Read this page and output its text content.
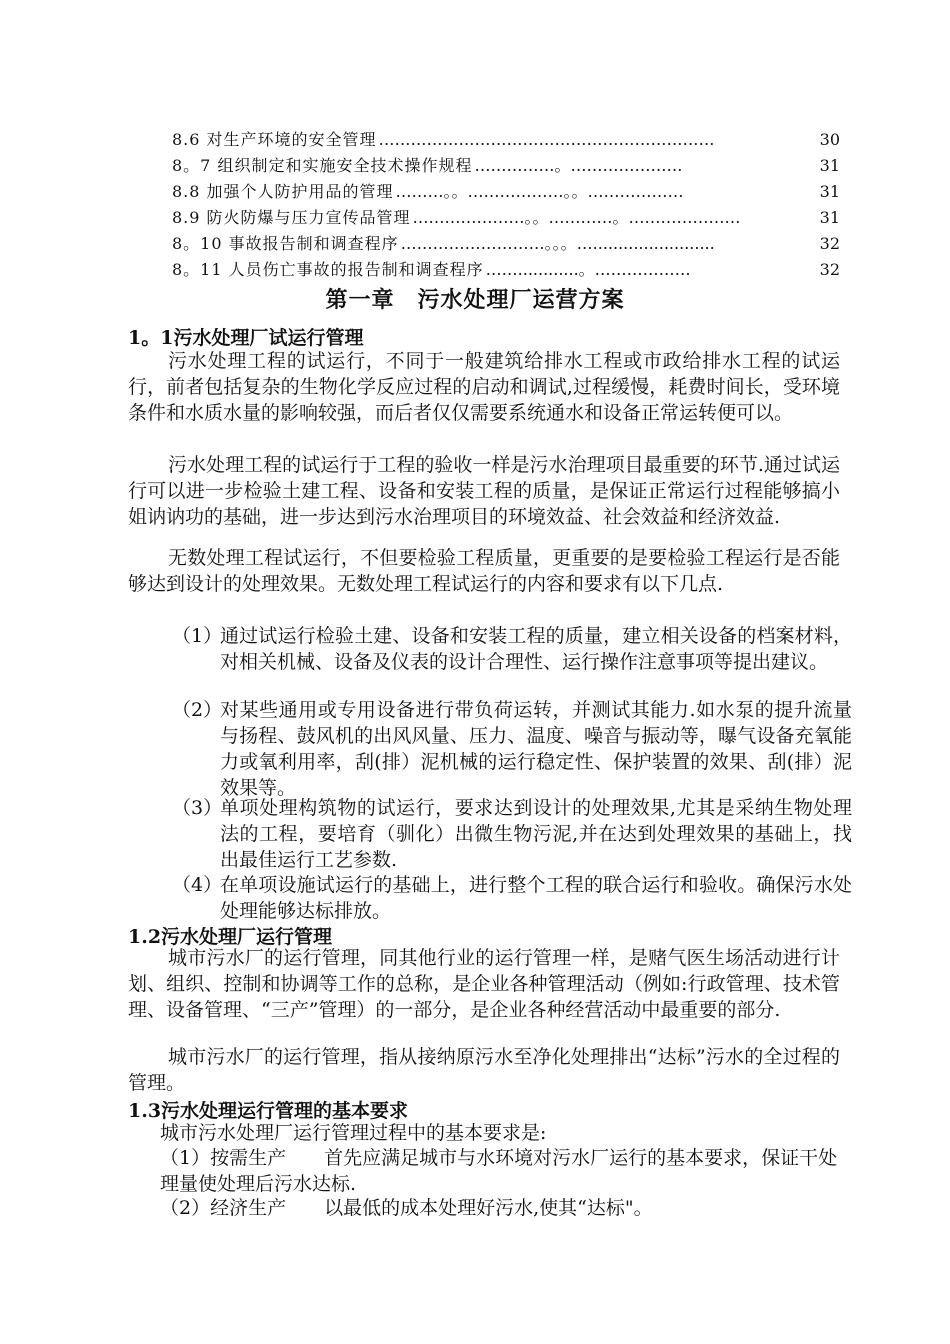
8.6 对生产环境的安全管理 ………………………………………………………	30
8。7 组织制定和实施安全技术操作规程 ……………。…………………	31
8.8 加强个人防护用品的管理 ………。。………………。。………………	31
8.9 防火防爆与压力宣传品管理 …………………。。…………。…………………	31
8。10 事故报告制和调查程序 ………………………。。。…........................	32
8。11 人员伤亡事故的报告制和调查程序 ……............。………………	32
第一章　污水处理厂运营方案
1。1污水处理厂试运行管理
污水处理工程的试运行，不同于一般建筑给排水工程或市政给排水工程的试运行，前者包括复杂的生物化学反应过程的启动和调试,过程缓慢，耗费时间长，受环境条件和水质水量的影响较强，而后者仅仅需要系统通水和设备正常运转便可以。
污水处理工程的试运行于工程的验收一样是污水治理项目最重要的环节.通过试运行可以进一步检验土建工程、设备和安装工程的质量，是保证正常运行过程能够搞小姐讷讷功的基础，进一步达到污水治理项目的环境效益、社会效益和经济效益.
无数处理工程试运行，不但要检验工程质量，更重要的是要检验工程运行是否能够达到设计的处理效果。无数处理工程试运行的内容和要求有以下几点.
（1）
通过试运行检验土建、设备和安装工程的质量，建立相关设备的档案材料，对相关机械、设备及仪表的设计合理性、运行操作注意事项等提出建议。
（2）
对某些通用或专用设备进行带负荷运转，并测试其能力.如水泵的提升流量与扬程、鼓风机的出风风量、压力、温度、噪音与振动等，曝气设备充氧能力或氧利用率，刮(排）泥机械的运行稳定性、保护装置的效果、刮(排）泥效果等。
（3）
单项处理构筑物的试运行，要求达到设计的处理效果,尤其是采纳生物处理法的工程，要培育（驯化）出微生物污泥,并在达到处理效果的基础上，找出最佳运行工艺参数.
（4）
在单项设施试运行的基础上，进行整个工程的联合运行和验收。确保污水处处理能够达标排放。
1.2污水处理厂运行管理
城市污水厂的运行管理，同其他行业的运行管理一样，是赌气医生场活动进行计划、组织、控制和协调等工作的总称，是企业各种管理活动（例如:行政管理、技术管理、设备管理、“三产”管理）的一部分，是企业各种经营活动中最重要的部分.
城市污水厂的运行管理，指从接纳原污水至净化处理排出“达标”污水的全过程的管理。
1.3污水处理运行管理的基本要求
城市污水处理厂运行管理过程中的基本要求是:
（1）按需生产　　首先应满足城市与水环境对污水厂运行的基本要求，保证干处理量使处理后污水达标.
（2）经济生产　　以最低的成本处理好污水,使其“达标"。
